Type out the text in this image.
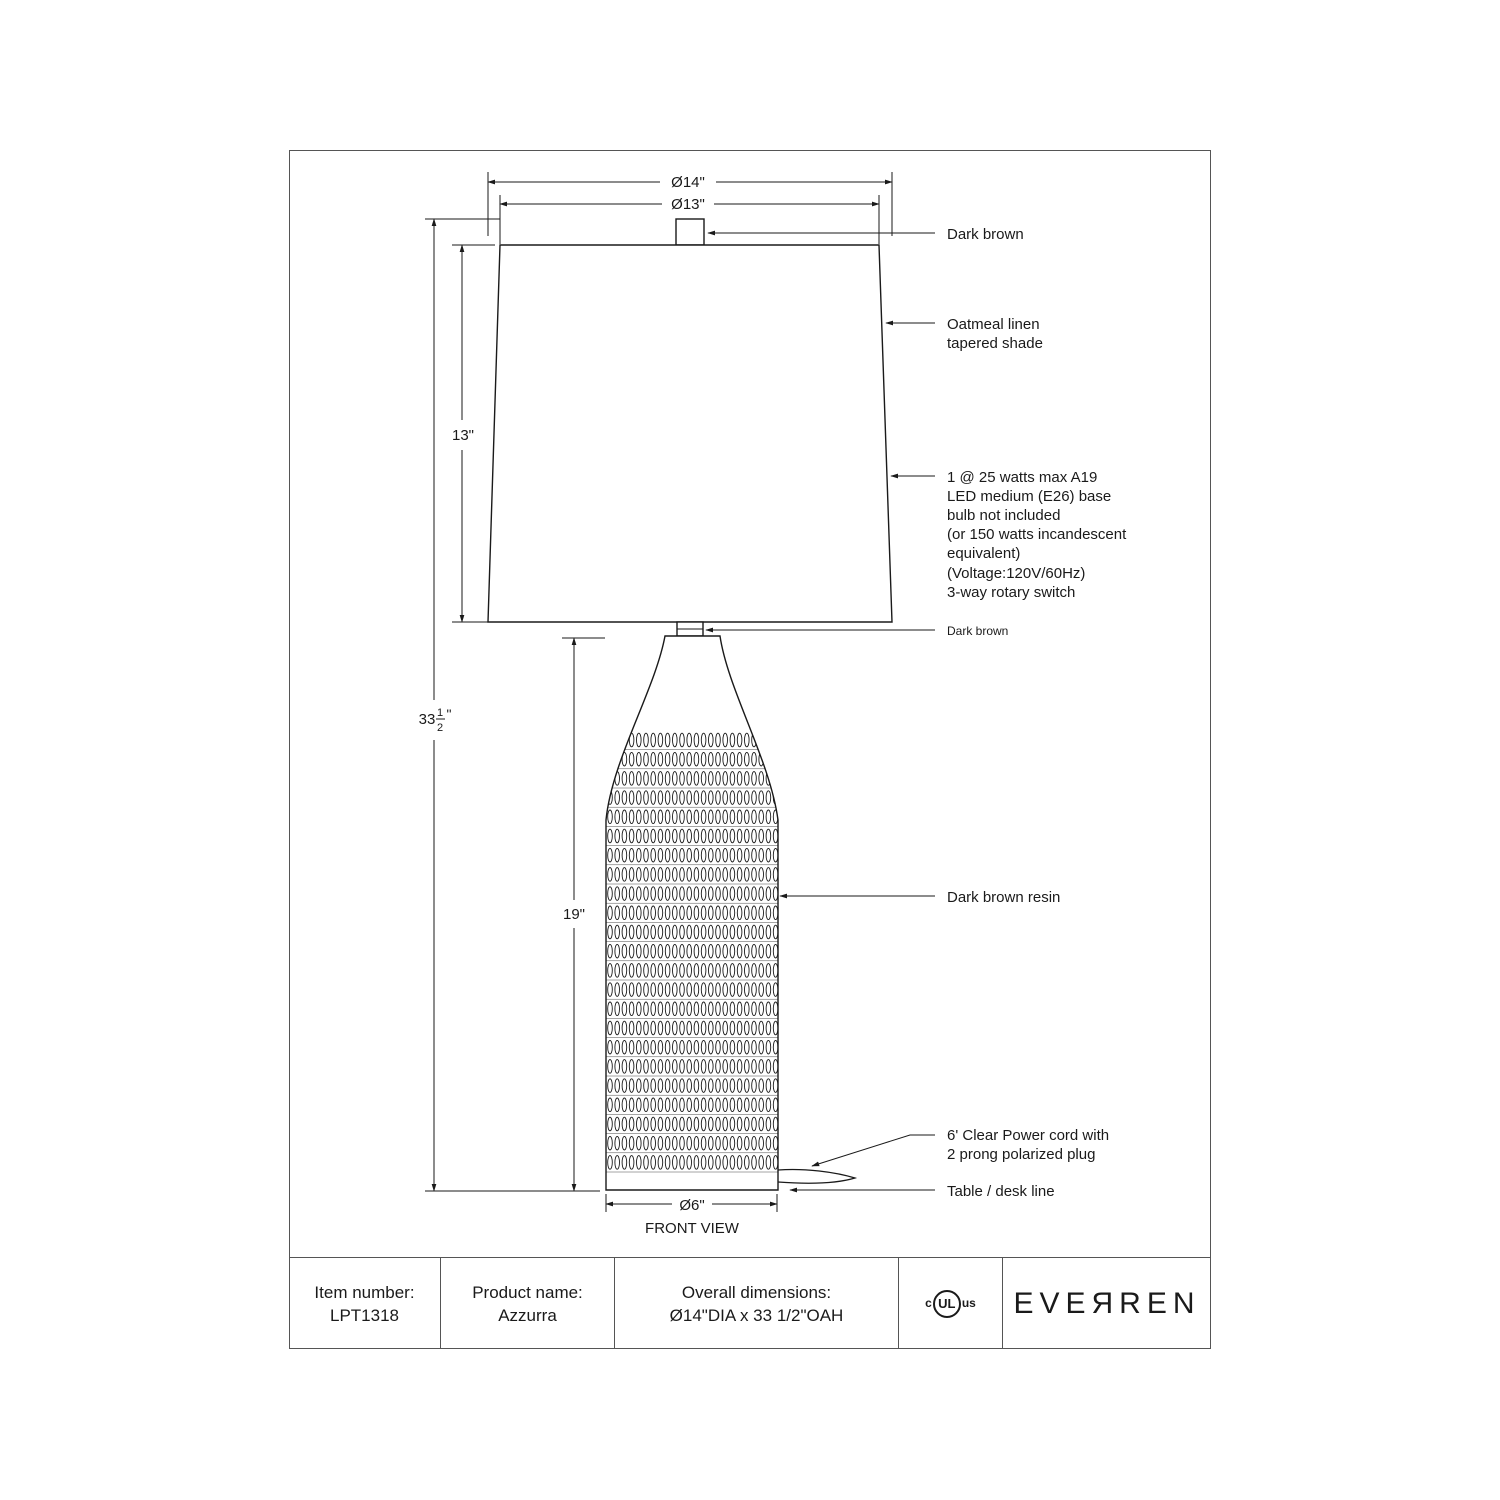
Ø14"
Ø13"
13"
33 1
2
"
19"
Ø6"
FRONT VIEW
Dark brown
Oatmeal linen
tapered shade
1 @ 25 watts max A19
LED medium (E26) base
bulb not included
(or 150 watts incandescent
equivalent)
(Voltage:120V/60Hz)
3-way rotary switch
Dark brown
Dark brown resin
6' Clear Power cord with
2 prong polarized plug
Table / desk line
Item number:
LPT1318
Product name:
Azzurra
Overall dimensions:
Ø14"DIA x 33 1/2"OAH
c UL us EVEЯREN
